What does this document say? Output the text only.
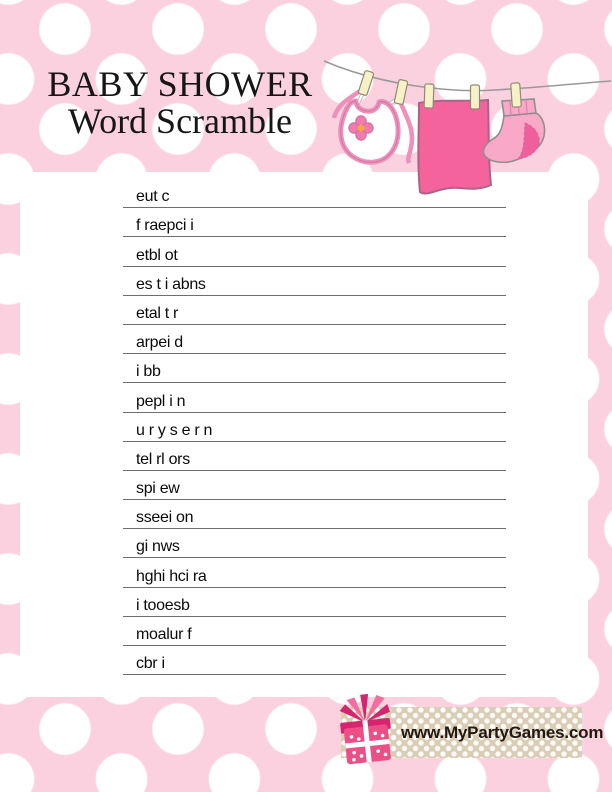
BABY SHOWER
Word Scramble
eut c
f raepci i
etbl ot
es t i abns
etal t r
arpei d
i bb
pepl i n
u r y s e r n
tel rl ors
spi ew
sseei on
gi nws
hghi hci ra
i tooesb
moalur f
cbr i
www.MyPartyGames.com
